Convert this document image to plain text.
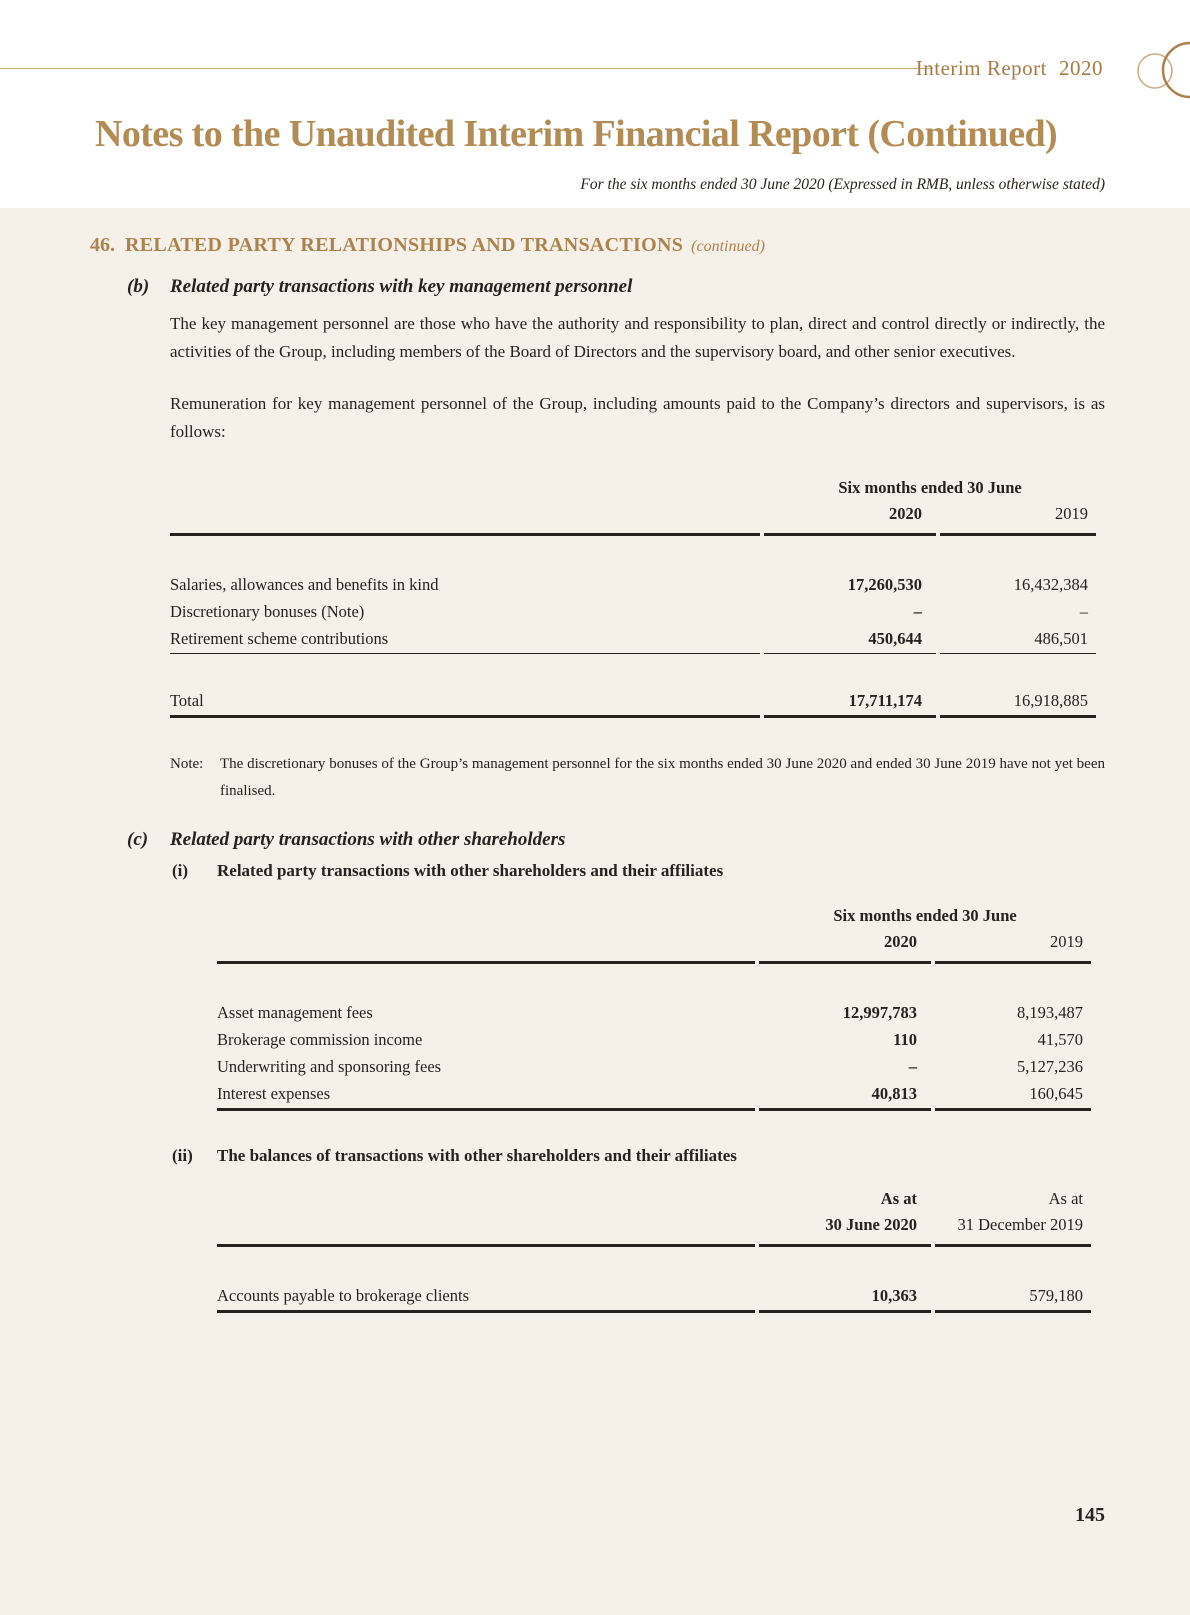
Interim Report 2020
Notes to the Unaudited Interim Financial Report (Continued)
For the six months ended 30 June 2020 (Expressed in RMB, unless otherwise stated)
46. RELATED PARTY RELATIONSHIPS AND TRANSACTIONS (continued)
(b)	Related party transactions with key management personnel

The key management personnel are those who have the authority and responsibility to plan, direct and control directly or indirectly, the activities of the Group, including members of the Board of Directors and the supervisory board, and other senior executives.

Remuneration for key management personnel of the Group, including amounts paid to the Company’s directors and supervisors, is as follows:

	Six months ended 30 June	
	2020	2019
Salaries, allowances and benefits in kind	17,260,530	16,432,384
Discretionary bonuses (Note)	–	–
Retirement scheme contributions	450,644	486,501
Total	17,711,174	16,918,885
Note:	The discretionary bonuses of the Group’s management personnel for the six months ended 30 June 2020 and ended 30 June 2019 have not yet been finalised.
(c)	Related party transactions with other shareholders
(i)	Related party transactions with other shareholders and their affiliates
	Six months ended 30 June	
	2020	2019
Asset management fees	12,997,783	8,193,487
Brokerage commission income	110	41,570
Underwriting and sponsoring fees	–	5,127,236
Interest expenses	40,813	160,645
(ii)	The balances of transactions with other shareholders and their affiliates
	As at	As at
	30 June 2020	31 December 2019
Accounts payable to brokerage clients	10,363	579,180
145
